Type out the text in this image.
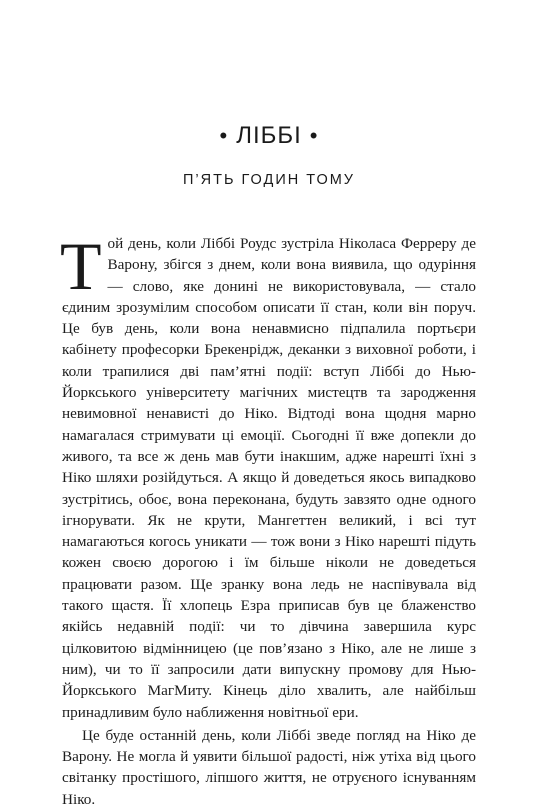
• ЛІББІ •
П’ЯТЬ ГОДИН ТОМУ

Той день, коли Ліббі Роудс зустріла Ніколаса Ферреру де Варону, збігся з днем, коли вона виявила, що одуріння — слово, яке донині не використовувала, — стало єдиним зрозумілим способом описати її стан, коли він поруч. Це був день, коли вона ненавмисно підпалила портьєри кабінету професорки Брекенрідж, деканки з виховної роботи, і коли трапилися дві пам’ятні події: вступ Ліббі до Нью-Йоркського університету магічних мистецтв та зародження невимовної ненависті до Ніко. Відтоді вона щодня марно намагалася стримувати ці емоції. Сьогодні її вже допекли до живого, та все ж день мав бути інакшим, адже нарешті їхні з Ніко шляхи розійдуться. А якщо й доведеться якось випадково зустрітись, обоє, вона переконана, будуть завзято одне одного ігнорувати. Як не крути, Мангеттен великий, і всі тут намагаються когось уникати — тож вони з Ніко нарешті підуть кожен своєю дорогою і їм більше ніколи не доведеться працювати разом. Ще зранку вона ледь не наспівувала від такого щастя. Її хлопець Езра приписав був це блаженство якійсь недавній події: чи то дівчина завершила курс цілковитою відмінницею (це пов’язано з Ніко, але не лише з ним), чи то її запросили дати випускну промову для Нью-Йоркського МагМиту. Кінець діло хвалить, але найбільш принадливим було наближення новітньої ери.

Це буде останній день, коли Ліббі зведе погляд на Ніко де Варону. Не могла й уявити більшої радості, ніж утіха від цього світанку простішого, ліпшого життя, не отруєного існуванням Ніко.
